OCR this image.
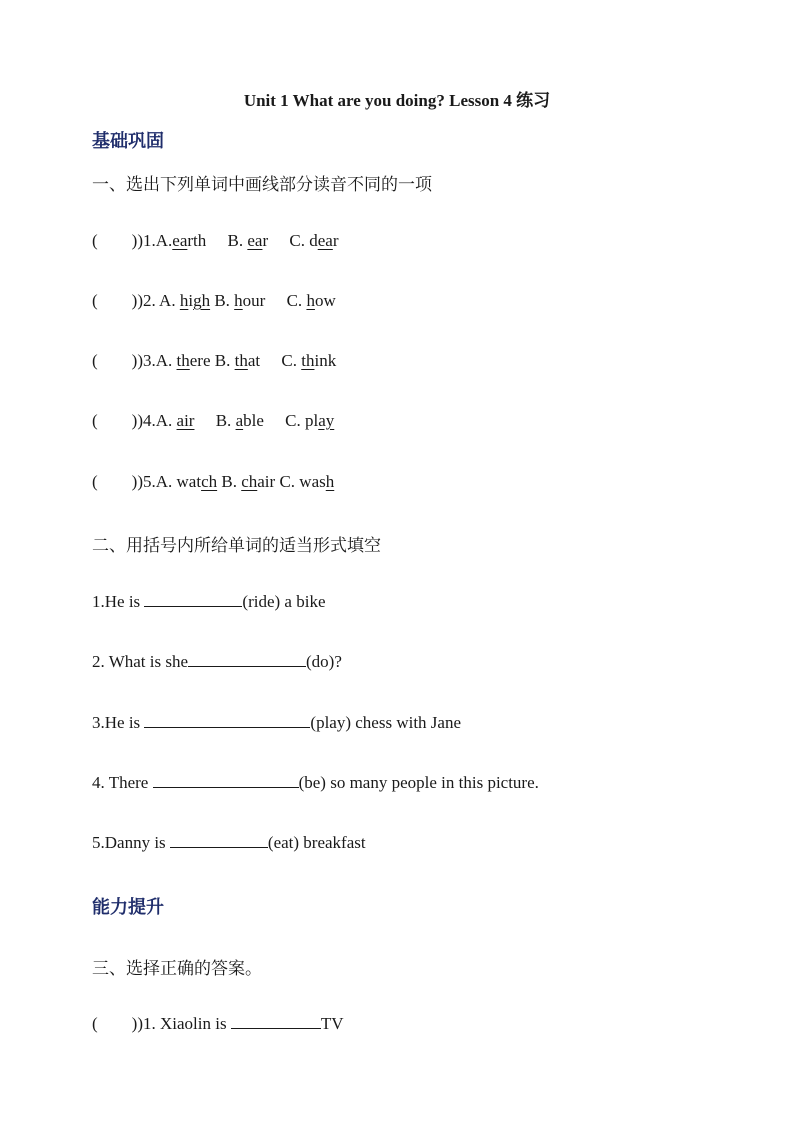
Unit 1 What are you doing? Lesson 4 练习
基础巩固
一、选出下列单词中画线部分读音不同的一项
(        ))1.A.earth B. ear C. dear
(        ))2. A. high B. hour C. how
(        ))3.A. there B. that C. think
(        ))4.A. air B. able C. play
(        ))5.A. watch B. chair C. wash
二、用括号内所给单词的适当形式填空
1.He is	(ride) a bike
2. What is she	(do)?
3.He is	(play) chess with Jane
4. There	(be) so many people in this picture.
5.Danny is	(eat) breakfast
能力提升
三、选择正确的答案。
(        ))1. Xiaolin is	TV
